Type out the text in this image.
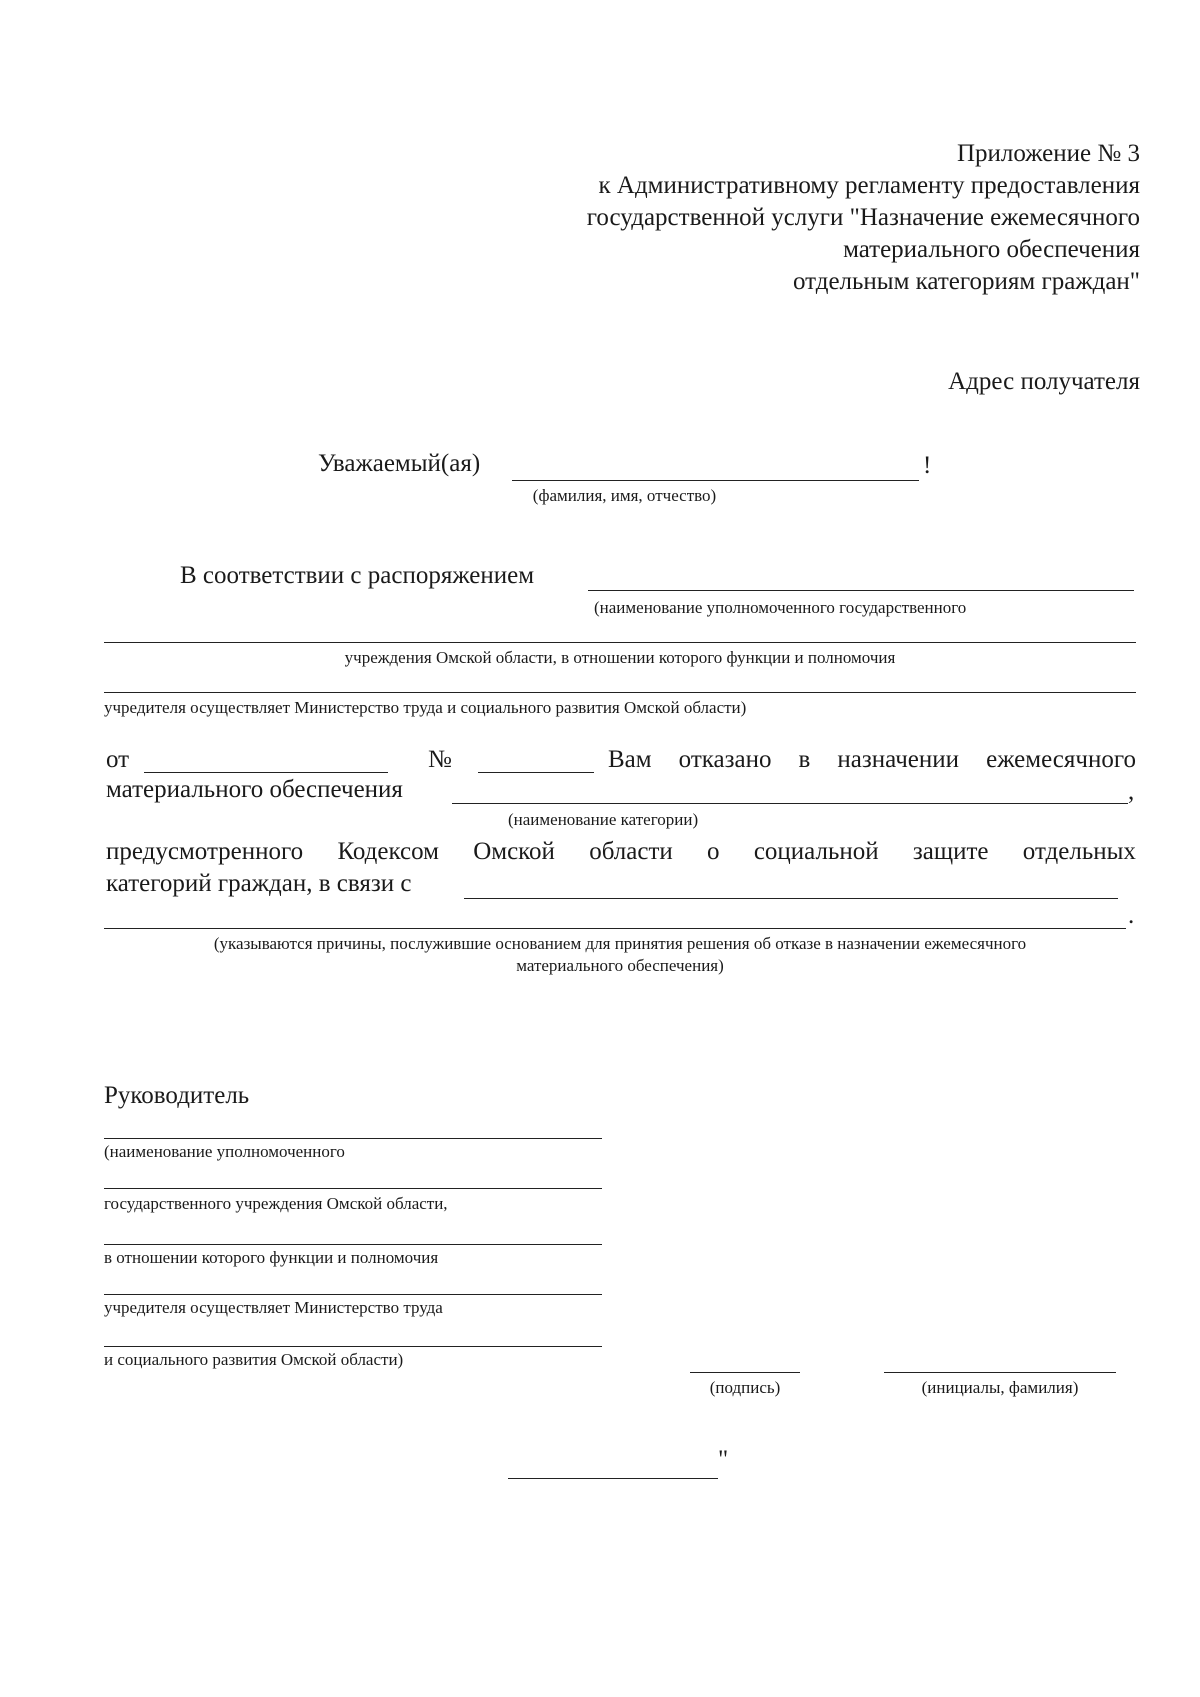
Приложение № 3
к Административному регламенту предоставления
государственной услуги "Назначение ежемесячного
материального обеспечения
отдельным категориям граждан"
Адрес получателя
Уважаемый(ая)	!
(фамилия, имя, отчество)
В соответствии с распоряжением
(наименование уполномоченного государственного
учреждения Омской области, в отношении которого функции и полномочия
учредителя осуществляет Министерство труда и социального развития Омской области)
от	№	Вам отказано в назначении ежемесячного
материального обеспечения	,
(наименование категории)
предусмотренного Кодексом Омской области о социальной защите отдельных
категорий граждан, в связи с
.
(указываются причины, послужившие основанием для принятия решения об отказе в назначении ежемесячного
материального обеспечения)
Руководитель
(наименование уполномоченного
государственного учреждения Омской области,
в отношении которого функции и полномочия
учредителя осуществляет Министерство труда
и социального развития Омской области)
(подпись)	(инициалы, фамилия)
"
